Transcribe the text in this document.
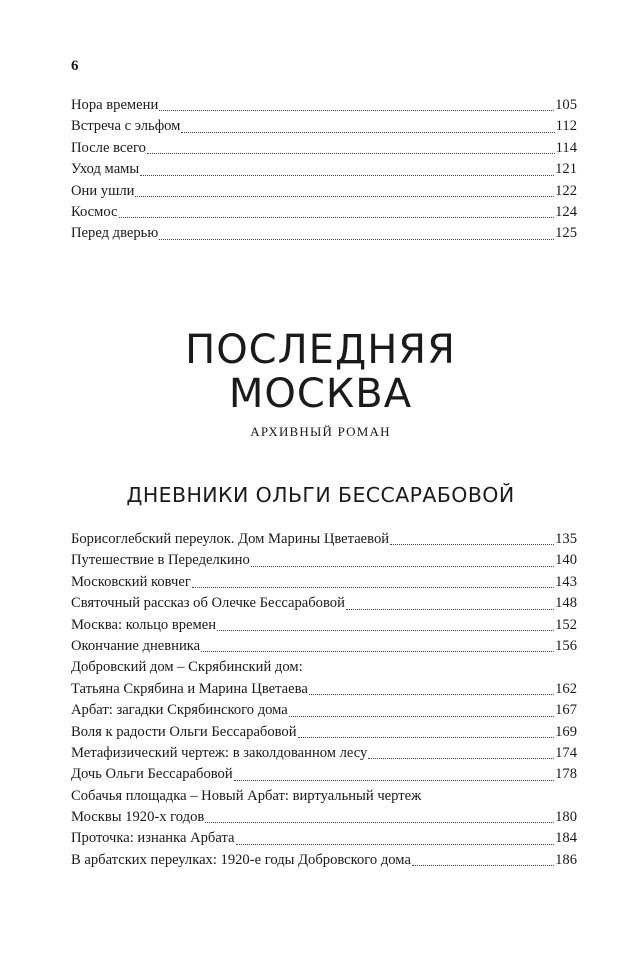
6
Нора времени	105
Встреча с эльфом	112
После всего	114
Уход мамы	121
Они ушли	122
Космос	124
Перед дверью	125
ПОСЛЕДНЯЯ
МОСКВА
АРХИВНЫЙ РОМАН
ДНЕВНИКИ ОЛЬГИ БЕССАРАБОВОЙ
Борисоглебский переулок. Дом Марины Цветаевой	135
Путешествие в Переделкино	140
Московский ковчег	143
Святочный рассказ об Олечке Бессарабовой	148
Москва: кольцо времен	152
Окончание дневника	156
Добровский дом – Скрябинский дом:
Татьяна Скрябина и Марина Цветаева	162
Арбат: загадки Скрябинского дома	167
Воля к радости Ольги Бессарабовой	169
Метафизический чертеж: в заколдованном лесу	174
Дочь Ольги Бессарабовой	178
Собачья площадка – Новый Арбат: виртуальный чертеж
Москвы 1920-х годов	180
Проточка: изнанка Арбата	184
В арбатских переулках: 1920-е годы Добровского дома	186
